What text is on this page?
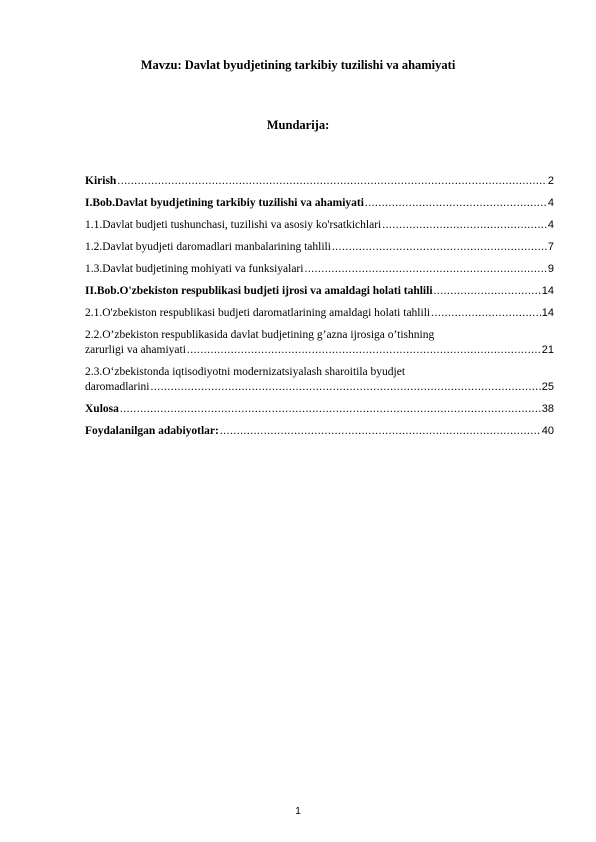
Mavzu: Davlat byudjetining tarkibiy tuzilishi va ahamiyati
Mundarija:
Kirish .....	2
I.Bob.Davlat byudjetining tarkibiy tuzilishi va ahamiyati .....	4
1.1.Davlat budjeti tushunchasi, tuzilishi va asosiy ko'rsatkichlari .....	4
1.2.Davlat byudjeti daromadlari manbalarining tahlili .....	7
1.3.Davlat budjetining mohiyati va funksiyalari .....	9
II.Bob.O'zbekiston respublikasi budjeti ijrosi va amaldagi holati tahlili .....	14
2.1.O'zbekiston respublikasi budjeti daromatlarining amaldagi holati tahlili .....	14
2.2.O’zbekiston respublikasida davlat budjetining g’azna ijrosiga o’tishning
zarurligi va ahamiyati .....	21
2.3.O‘zbekistonda iqtisodiyotni modernizatsiyalash sharoitila byudjet
daromadlarini .....	25
Xulosa .....	38
Foydalanilgan adabiyotlar: .....	40
1
